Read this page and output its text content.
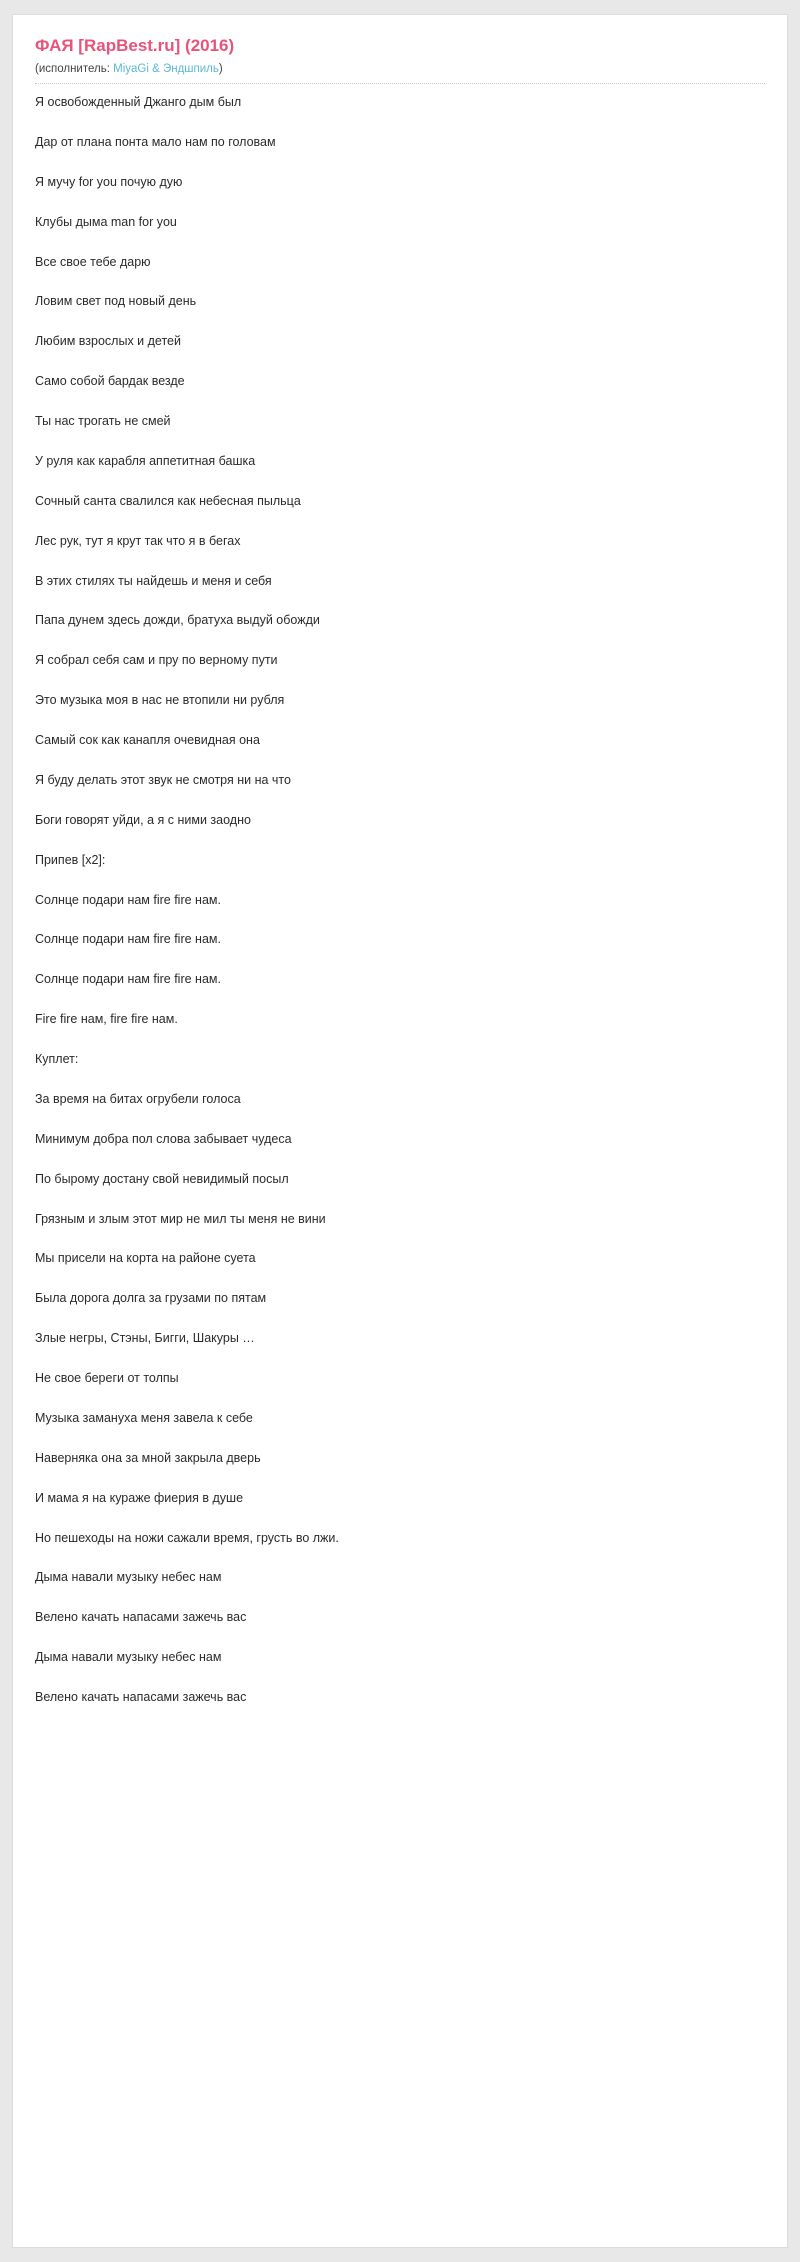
ФАЯ [RapBest.ru] (2016)
(исполнитель: MiyaGi & Эндшпиль)

Я освобожденный Джанго дым был

Дар от плана понта мало нам по головам

Я мучу for you почую дую

Клубы дыма man for you

Все свое тебе дарю

Ловим свет под новый день

Любим взрослых и детей

Само собой бардак везде

Ты нас трогать не смей

У руля как карабля аппетитная башка

Сочный санта свалился как небесная пыльца

Лес рук, тут я крут так что я в бегах

В этих стилях ты найдешь и меня и себя

Папа дунем здесь дожди, братуха выдуй обожди

Я собрал себя сам и пру по верному пути

Это музыка моя в нас не втопили ни рубля

Самый сок как канапля очевидная она

Я буду делать этот звук не смотря ни на что

Боги говорят уйди, а я с ними заодно

Припев [х2]:

Солнце подари нам fire fire нам.

Солнце подари нам fire fire нам.

Солнце подари нам fire fire нам.

Fire fire нам, fire fire нам.

Куплет:

За время на битах огрубели голоса

Минимум добра пол слова забывает чудеса

По быромy достану свой невидимый посыл

Грязным и злым этот мир не мил ты меня не вини

Мы присели на корта на районе суета

Была дорога долга за грузами по пятам

Злые негры, Стэны, Бигги, Шакуры …

Не свое береги от толпы

Музыка заманухa меня завела к себе

Наверняка она за мной закрыла дверь

И мама я на кураже фиерия в душе

Но пешеходы на ножи сажали время, грусть во лжи.

Дыма навали музыку небес нам

Велено качать напасами зажечь вас

Дыма навали музыку небес нам

Велено качать напасами зажечь вас
